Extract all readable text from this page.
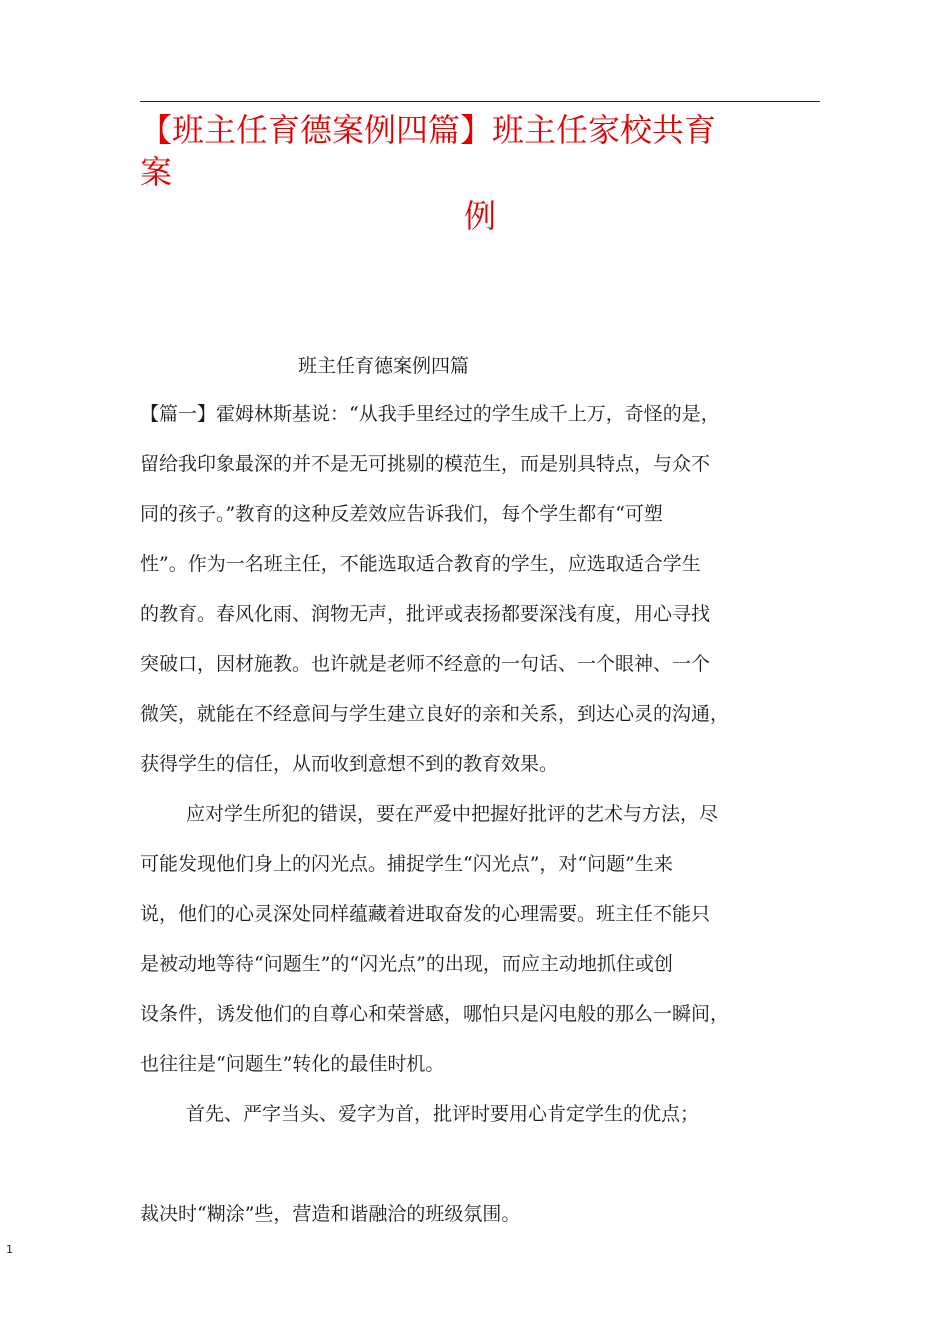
【班主任育德案例四篇】班主任家校共育
案
例
班主任育德案例四篇
【篇一】霍姆林斯基说：“从我手里经过的学生成千上万，奇怪的是，
留给我印象最深的并不是无可挑剔的模范生，而是别具特点，与众不
同的孩子。”教育的这种反差效应告诉我们，每个学生都有“可塑
性”。作为一名班主任，不能选取适合教育的学生，应选取适合学生
的教育。春风化雨、润物无声，批评或表扬都要深浅有度，用心寻找
突破口，因材施教。也许就是老师不经意的一句话、一个眼神、一个
微笑，就能在不经意间与学生建立良好的亲和关系，到达心灵的沟通，
获得学生的信任，从而收到意想不到的教育效果。
应对学生所犯的错误，要在严爱中把握好批评的艺术与方法，尽
可能发现他们身上的闪光点。捕捉学生“闪光点”，对“问题”生来
说，他们的心灵深处同样蕴藏着进取奋发的心理需要。班主任不能只
是被动地等待“问题生”的“闪光点”的出现，而应主动地抓住或创
设条件，诱发他们的自尊心和荣誉感，哪怕只是闪电般的那么一瞬间，
也往往是“问题生”转化的最佳时机。
首先、严字当头、爱字为首，批评时要用心肯定学生的优点；
裁决时“糊涂”些，营造和谐融洽的班级氛围。
1
